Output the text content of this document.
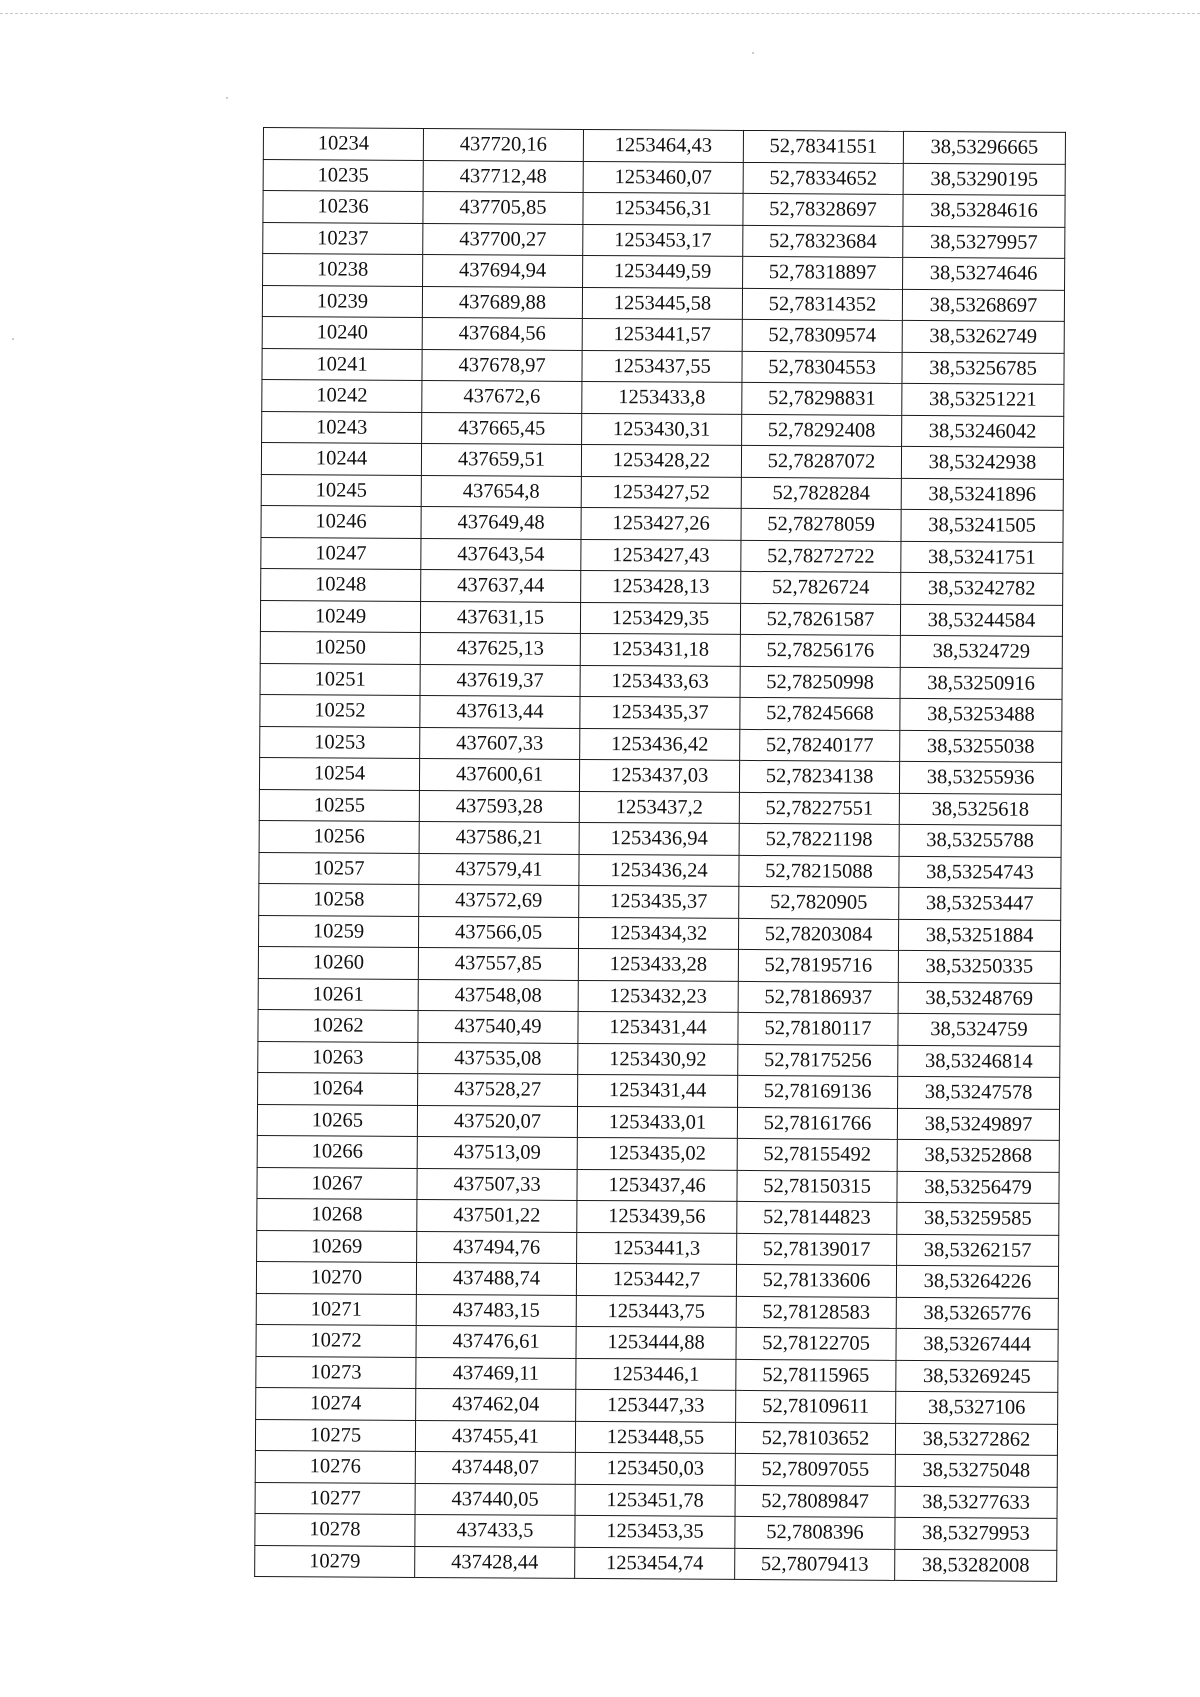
10234	437720,16	1253464,43	52,78341551	38,53296665
10235	437712,48	1253460,07	52,78334652	38,53290195
10236	437705,85	1253456,31	52,78328697	38,53284616
10237	437700,27	1253453,17	52,78323684	38,53279957
10238	437694,94	1253449,59	52,78318897	38,53274646
10239	437689,88	1253445,58	52,78314352	38,53268697
10240	437684,56	1253441,57	52,78309574	38,53262749
10241	437678,97	1253437,55	52,78304553	38,53256785
10242	437672,6	1253433,8	52,78298831	38,53251221
10243	437665,45	1253430,31	52,78292408	38,53246042
10244	437659,51	1253428,22	52,78287072	38,53242938
10245	437654,8	1253427,52	52,7828284	38,53241896
10246	437649,48	1253427,26	52,78278059	38,53241505
10247	437643,54	1253427,43	52,78272722	38,53241751
10248	437637,44	1253428,13	52,7826724	38,53242782
10249	437631,15	1253429,35	52,78261587	38,53244584
10250	437625,13	1253431,18	52,78256176	38,5324729
10251	437619,37	1253433,63	52,78250998	38,53250916
10252	437613,44	1253435,37	52,78245668	38,53253488
10253	437607,33	1253436,42	52,78240177	38,53255038
10254	437600,61	1253437,03	52,78234138	38,53255936
10255	437593,28	1253437,2	52,78227551	38,5325618
10256	437586,21	1253436,94	52,78221198	38,53255788
10257	437579,41	1253436,24	52,78215088	38,53254743
10258	437572,69	1253435,37	52,7820905	38,53253447
10259	437566,05	1253434,32	52,78203084	38,53251884
10260	437557,85	1253433,28	52,78195716	38,53250335
10261	437548,08	1253432,23	52,78186937	38,53248769
10262	437540,49	1253431,44	52,78180117	38,5324759
10263	437535,08	1253430,92	52,78175256	38,53246814
10264	437528,27	1253431,44	52,78169136	38,53247578
10265	437520,07	1253433,01	52,78161766	38,53249897
10266	437513,09	1253435,02	52,78155492	38,53252868
10267	437507,33	1253437,46	52,78150315	38,53256479
10268	437501,22	1253439,56	52,78144823	38,53259585
10269	437494,76	1253441,3	52,78139017	38,53262157
10270	437488,74	1253442,7	52,78133606	38,53264226
10271	437483,15	1253443,75	52,78128583	38,53265776
10272	437476,61	1253444,88	52,78122705	38,53267444
10273	437469,11	1253446,1	52,78115965	38,53269245
10274	437462,04	1253447,33	52,78109611	38,5327106
10275	437455,41	1253448,55	52,78103652	38,53272862
10276	437448,07	1253450,03	52,78097055	38,53275048
10277	437440,05	1253451,78	52,78089847	38,53277633
10278	437433,5	1253453,35	52,7808396	38,53279953
10279	437428,44	1253454,74	52,78079413	38,53282008
